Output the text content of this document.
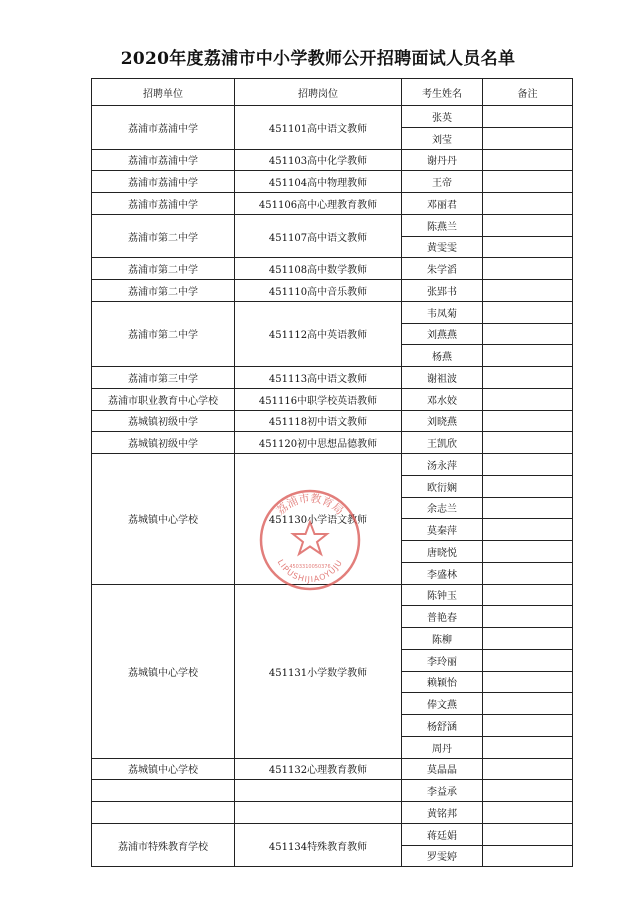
2020年度荔浦市中小学教师公开招聘面试人员名单
招聘单位	招聘岗位	考生姓名	备注
荔浦市荔浦中学	451101高中语文教师	张英	
		刘莹	
荔浦市荔浦中学	451103高中化学教师	谢丹丹	
荔浦市荔浦中学	451104高中物理教师	王帝	
荔浦市荔浦中学	451106高中心理教育教师	邓丽君	
荔浦市第二中学	451107高中语文教师	陈燕兰	
		黄雯雯	
荔浦市第二中学	451108高中数学教师	朱学滔	
荔浦市第二中学	451110高中音乐教师	张郢书	
荔浦市第二中学	451112高中英语教师	韦凤菊	
		刘燕燕	
		杨燕	
荔浦市第三中学	451113高中语文教师	谢祖波	
荔浦市职业教育中心学校	451116中职学校英语教师	邓水姣	
荔城镇初级中学	451118初中语文教师	刘晓燕	
荔城镇初级中学	451120初中思想品德教师	王凯欣	
荔城镇中心学校	451130小学语文教师	汤永萍	
		欧衍娴	
		余志兰	
		莫秦萍	
		唐晓悦	
		李盛林	
荔城镇中心学校	451131小学数学教师	陈钟玉	
		普艳春	
		陈柳	
		李玲丽	
		赖颖怡	
		俸文燕	
		杨舒涵	
		周丹	
荔城镇中心学校	451132心理教育教师	莫晶晶	
		李益承	
		黄铭邦	
荔浦市特殊教育学校	451134特殊教育教师	蒋廷娟	
		罗雯婷	
荔浦市教育局
LIPUSHIJIAOYUJU
4503310050376
